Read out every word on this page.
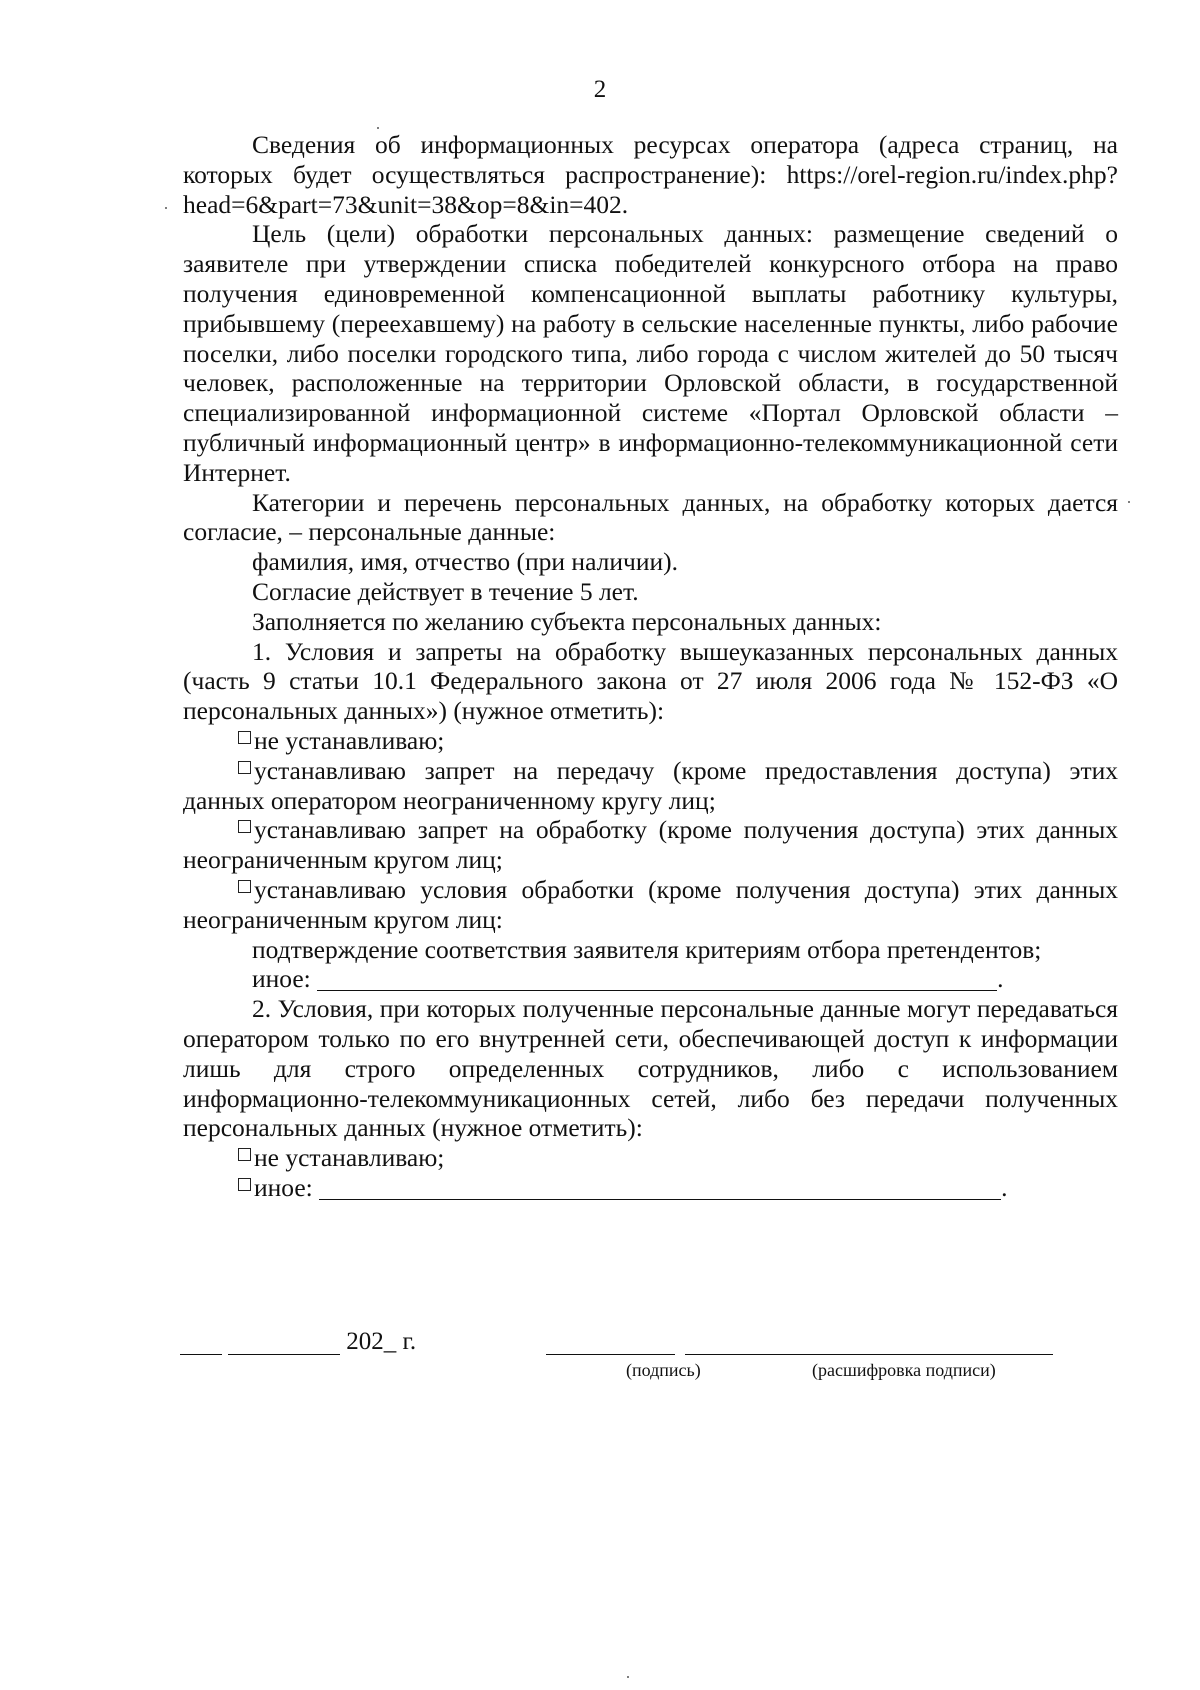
2

Сведения об информационных ресурсах оператора (адреса страниц, на которых будет осуществляться распространение): https://orel-region.ru/index.php?head=6&part=73&unit=38&op=8&in=402.

Цель (цели) обработки персональных данных: размещение сведений о заявителе при утверждении списка победителей конкурсного отбора на право получения единовременной компенсационной выплаты работнику культуры, прибывшему (переехавшему) на работу в сельские населенные пункты, либо рабочие поселки, либо поселки городского типа, либо города с числом жителей до 50 тысяч человек, расположенные на территории Орловской области, в государственной специализированной информационной системе «Портал Орловской области – публичный информационный центр» в информационно-телекоммуникационной сети Интернет.

Категории и перечень персональных данных, на обработку которых дается согласие, – персональные данные:

фамилия, имя, отчество (при наличии).

Согласие действует в течение 5 лет.

Заполняется по желанию субъекта персональных данных:

1. Условия и запреты на обработку вышеуказанных персональных данных (часть 9 статьи 10.1 Федерального закона от 27 июля 2006 года № 152-ФЗ «О персональных данных») (нужное отметить):

не устанавливаю;

устанавливаю запрет на передачу (кроме предоставления доступа) этих данных оператором неограниченному кругу лиц;

устанавливаю запрет на обработку (кроме получения доступа) этих данных неограниченным кругом лиц;

устанавливаю условия обработки (кроме получения доступа) этих данных неограниченным кругом лиц:

подтверждение соответствия заявителя критериям отбора претендентов;

иное:	.

2. Условия, при которых полученные персональные данные могут передаваться оператором только по его внутренней сети, обеспечивающей доступ к информации лишь для строго определенных сотрудников, либо с использованием информационно-телекоммуникационных сетей, либо без передачи полученных персональных данных (нужное отметить):

не устанавливаю;

иное:	.

202_ г.
(подпись)	(расшифровка подписи)
